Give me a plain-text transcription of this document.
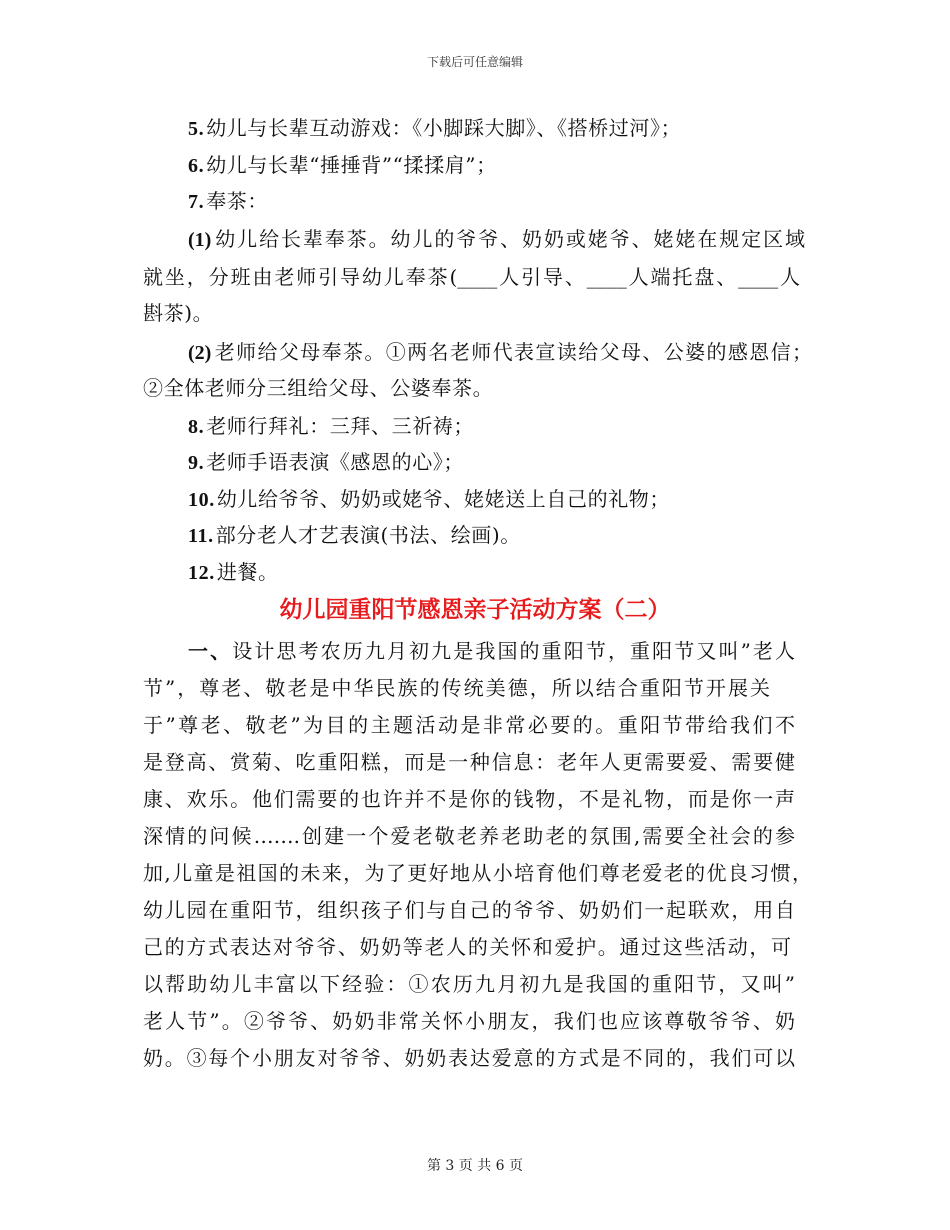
下载后可任意编辑
5. 幼儿与长辈互动游戏：《小脚踩大脚》、《搭桥过河》；
6. 幼儿与长辈“捶捶背”“揉揉肩”；
7. 奉茶：
(1) 幼儿给长辈奉茶。幼儿的爷爷、奶奶或姥爷、姥姥在规定区域
就坐，分班由老师引导幼儿奉茶(____人引导、____人端托盘、____人
斟茶)。
(2) 老师给父母奉茶。①两名老师代表宣读给父母、公婆的感恩信；
②全体老师分三组给父母、公婆奉茶。
8. 老师行拜礼：三拜、三祈祷；
9. 老师手语表演《感恩的心》；
10. 幼儿给爷爷、奶奶或姥爷、姥姥送上自己的礼物；
11. 部分老人才艺表演(书法、绘画)。
12. 进餐。
幼儿园重阳节感恩亲子活动方案（二）
一、设计思考农历九月初九是我国的重阳节，重阳节又叫”老人
节”，尊老、敬老是中华民族的传统美德，所以结合重阳节开展关
于”尊老、敬老”为目的主题活动是非常必要的。重阳节带给我们不
是登高、赏菊、吃重阳糕，而是一种信息：老年人更需要爱、需要健
康、欢乐。他们需要的也许并不是你的钱物，不是礼物，而是你一声
深情的问候…….创建一个爱老敬老养老助老的氛围,需要全社会的参
加,儿童是祖国的未来，为了更好地从小培育他们尊老爱老的优良习惯，
幼儿园在重阳节，组织孩子们与自己的爷爷、奶奶们一起联欢，用自
己的方式表达对爷爷、奶奶等老人的关怀和爱护。通过这些活动，可
以帮助幼儿丰富以下经验：①农历九月初九是我国的重阳节，又叫”
老人节”。②爷爷、奶奶非常关怀小朋友，我们也应该尊敬爷爷、奶
奶。③每个小朋友对爷爷、奶奶表达爱意的方式是不同的，我们可以
第 3 页 共 6 页
